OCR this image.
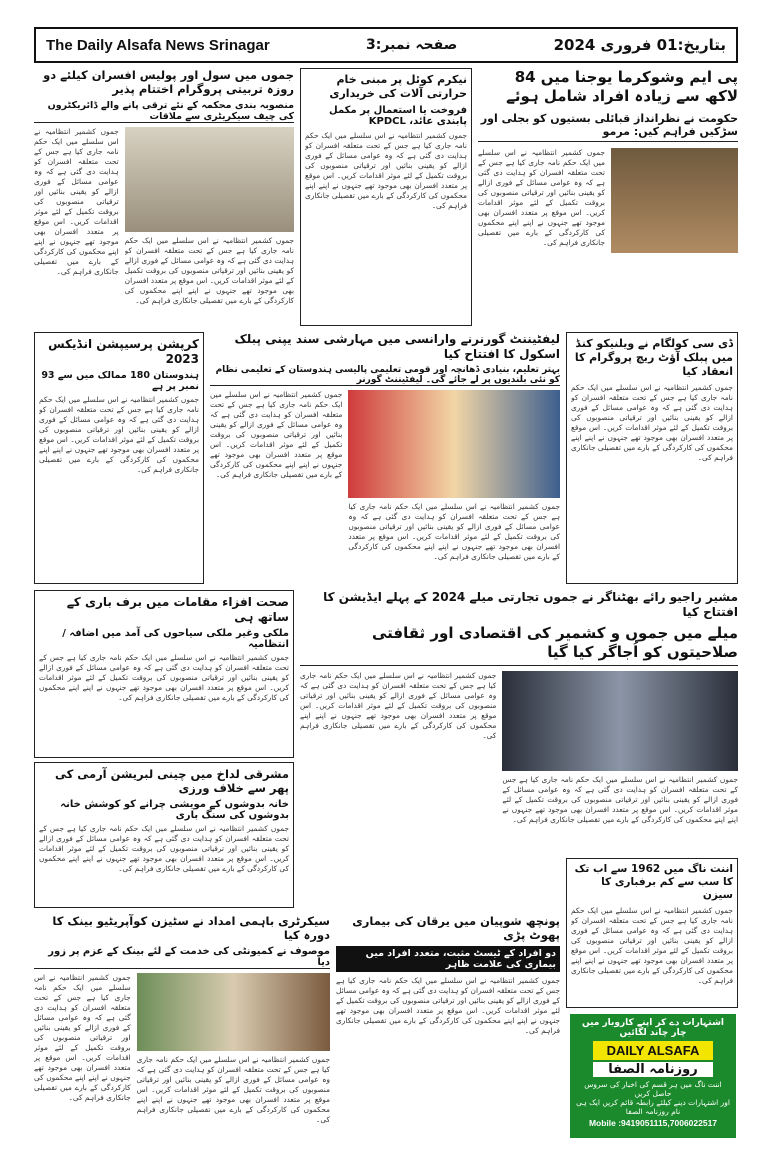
The Daily Alsafa News Srinagar	صفحہ نمبر:3	بتاریخ:01 فروری 2024
پی ایم وشوکرما یوجنا میں 84 لاکھ سے زیادہ افراد شامل ہوئے
حکومت نے نظرانداز قبائلی بستیوں کو بجلی اور سڑکیں فراہم کیں: مرمو
جموں کشمیر انتظامیہ نے اس سلسلے میں ایک حکم نامہ جاری کیا ہے جس کے تحت متعلقہ افسران کو ہدایت دی گئی ہے کہ وہ عوامی مسائل کے فوری ازالے کو یقینی بنائیں اور ترقیاتی منصوبوں کی بروقت تکمیل کے لئے موثر اقدامات کریں۔ اس موقع پر متعدد افسران بھی موجود تھے جنہوں نے اپنے اپنے محکموں کی کارکردگی کے بارے میں تفصیلی جانکاری فراہم کی۔
نیکرم کوئل پر مبنی خام حرارتی آلات کی خریداری
فروخت یا استعمال پر مکمل پابندی عائد، KPDCL
جموں کشمیر انتظامیہ نے اس سلسلے میں ایک حکم نامہ جاری کیا ہے جس کے تحت متعلقہ افسران کو ہدایت دی گئی ہے کہ وہ عوامی مسائل کے فوری ازالے کو یقینی بنائیں اور ترقیاتی منصوبوں کی بروقت تکمیل کے لئے موثر اقدامات کریں۔ اس موقع پر متعدد افسران بھی موجود تھے جنہوں نے اپنے اپنے محکموں کی کارکردگی کے بارے میں تفصیلی جانکاری فراہم کی۔
جموں میں سول اور پولیس افسران کیلئے دو روزہ تربیتی پروگرام اختتام پذیر
منصوبہ بندی محکمہ کے نئے ترقی پانے والے ڈائریکٹروں کی چیف سیکریٹری سے ملاقات
جموں کشمیر انتظامیہ نے اس سلسلے میں ایک حکم نامہ جاری کیا ہے جس کے تحت متعلقہ افسران کو ہدایت دی گئی ہے کہ وہ عوامی مسائل کے فوری ازالے کو یقینی بنائیں اور ترقیاتی منصوبوں کی بروقت تکمیل کے لئے موثر اقدامات کریں۔ اس موقع پر متعدد افسران بھی موجود تھے جنہوں نے اپنے اپنے محکموں کی کارکردگی کے بارے میں تفصیلی جانکاری فراہم کی۔
جموں کشمیر انتظامیہ نے اس سلسلے میں ایک حکم نامہ جاری کیا ہے جس کے تحت متعلقہ افسران کو ہدایت دی گئی ہے کہ وہ عوامی مسائل کے فوری ازالے کو یقینی بنائیں اور ترقیاتی منصوبوں کی بروقت تکمیل کے لئے موثر اقدامات کریں۔ اس موقع پر متعدد افسران بھی موجود تھے جنہوں نے اپنے اپنے محکموں کی کارکردگی کے بارے میں تفصیلی جانکاری فراہم کی۔
ڈی سی کولگام نے ویلنیکو کنڈ میں پبلک آؤٹ ریچ پروگرام کا انعقاد کیا
جموں کشمیر انتظامیہ نے اس سلسلے میں ایک حکم نامہ جاری کیا ہے جس کے تحت متعلقہ افسران کو ہدایت دی گئی ہے کہ وہ عوامی مسائل کے فوری ازالے کو یقینی بنائیں اور ترقیاتی منصوبوں کی بروقت تکمیل کے لئے موثر اقدامات کریں۔ اس موقع پر متعدد افسران بھی موجود تھے جنہوں نے اپنے اپنے محکموں کی کارکردگی کے بارے میں تفصیلی جانکاری فراہم کی۔
لیفٹیننٹ گورنرنے وارانسی میں مہارشی سند یپنی پبلک اسکول کا افتتاح کیا
بہتر تعلیم، بنیادی ڈھانچہ اور قومی تعلیمی پالیسی ہندوستان کے تعلیمی نظام کو نئی بلندیوں پر لے جائے گی۔ لیفٹیننٹ گورنر
جموں کشمیر انتظامیہ نے اس سلسلے میں ایک حکم نامہ جاری کیا ہے جس کے تحت متعلقہ افسران کو ہدایت دی گئی ہے کہ وہ عوامی مسائل کے فوری ازالے کو یقینی بنائیں اور ترقیاتی منصوبوں کی بروقت تکمیل کے لئے موثر اقدامات کریں۔ اس موقع پر متعدد افسران بھی موجود تھے جنہوں نے اپنے اپنے محکموں کی کارکردگی کے بارے میں تفصیلی جانکاری فراہم کی۔
جموں کشمیر انتظامیہ نے اس سلسلے میں ایک حکم نامہ جاری کیا ہے جس کے تحت متعلقہ افسران کو ہدایت دی گئی ہے کہ وہ عوامی مسائل کے فوری ازالے کو یقینی بنائیں اور ترقیاتی منصوبوں کی بروقت تکمیل کے لئے موثر اقدامات کریں۔ اس موقع پر متعدد افسران بھی موجود تھے جنہوں نے اپنے اپنے محکموں کی کارکردگی کے بارے میں تفصیلی جانکاری فراہم کی۔
کرپشن پرسیپشن انڈیکس 2023
ہندوستان 180 ممالک میں سے 93 نمبر پر ہے
جموں کشمیر انتظامیہ نے اس سلسلے میں ایک حکم نامہ جاری کیا ہے جس کے تحت متعلقہ افسران کو ہدایت دی گئی ہے کہ وہ عوامی مسائل کے فوری ازالے کو یقینی بنائیں اور ترقیاتی منصوبوں کی بروقت تکمیل کے لئے موثر اقدامات کریں۔ اس موقع پر متعدد افسران بھی موجود تھے جنہوں نے اپنے اپنے محکموں کی کارکردگی کے بارے میں تفصیلی جانکاری فراہم کی۔
مشیر راجیو رائے بھٹناگر نے جموں تجارتی میلے 2024 کے پہلے ایڈیشن کا افتتاح کیا
میلے میں جموں و کشمیر کی اقتصادی اور ثقافتی صلاحیتوں کو اُجاگر کیا گیا
جموں کشمیر انتظامیہ نے اس سلسلے میں ایک حکم نامہ جاری کیا ہے جس کے تحت متعلقہ افسران کو ہدایت دی گئی ہے کہ وہ عوامی مسائل کے فوری ازالے کو یقینی بنائیں اور ترقیاتی منصوبوں کی بروقت تکمیل کے لئے موثر اقدامات کریں۔ اس موقع پر متعدد افسران بھی موجود تھے جنہوں نے اپنے اپنے محکموں کی کارکردگی کے بارے میں تفصیلی جانکاری فراہم کی۔
جموں کشمیر انتظامیہ نے اس سلسلے میں ایک حکم نامہ جاری کیا ہے جس کے تحت متعلقہ افسران کو ہدایت دی گئی ہے کہ وہ عوامی مسائل کے فوری ازالے کو یقینی بنائیں اور ترقیاتی منصوبوں کی بروقت تکمیل کے لئے موثر اقدامات کریں۔ اس موقع پر متعدد افسران بھی موجود تھے جنہوں نے اپنے اپنے محکموں کی کارکردگی کے بارے میں تفصیلی جانکاری فراہم کی۔
صحت افزاء مقامات میں برف باری کے ساتھ ہی
ملکی وغیر ملکی سیاحوں کی آمد میں اضافہ / انتظامیہ
جموں کشمیر انتظامیہ نے اس سلسلے میں ایک حکم نامہ جاری کیا ہے جس کے تحت متعلقہ افسران کو ہدایت دی گئی ہے کہ وہ عوامی مسائل کے فوری ازالے کو یقینی بنائیں اور ترقیاتی منصوبوں کی بروقت تکمیل کے لئے موثر اقدامات کریں۔ اس موقع پر متعدد افسران بھی موجود تھے جنہوں نے اپنے اپنے محکموں کی کارکردگی کے بارے میں تفصیلی جانکاری فراہم کی۔
مشرقی لداخ میں چینی لبریشن آرمی کی پھر سے خلاف ورزی
خانہ بدوشوں کے مویشی چرانے کو کوشش خانہ بدوشوں کی سنگ باری
جموں کشمیر انتظامیہ نے اس سلسلے میں ایک حکم نامہ جاری کیا ہے جس کے تحت متعلقہ افسران کو ہدایت دی گئی ہے کہ وہ عوامی مسائل کے فوری ازالے کو یقینی بنائیں اور ترقیاتی منصوبوں کی بروقت تکمیل کے لئے موثر اقدامات کریں۔ اس موقع پر متعدد افسران بھی موجود تھے جنہوں نے اپنے اپنے محکموں کی کارکردگی کے بارے میں تفصیلی جانکاری فراہم کی۔	اننت ناگ میں 1962 سے اب تک کا سب سے کم برفباری کا سیزن
جموں کشمیر انتظامیہ نے اس سلسلے میں ایک حکم نامہ جاری کیا ہے جس کے تحت متعلقہ افسران کو ہدایت دی گئی ہے کہ وہ عوامی مسائل کے فوری ازالے کو یقینی بنائیں اور ترقیاتی منصوبوں کی بروقت تکمیل کے لئے موثر اقدامات کریں۔ اس موقع پر متعدد افسران بھی موجود تھے جنہوں نے اپنے اپنے محکموں کی کارکردگی کے بارے میں تفصیلی جانکاری فراہم کی۔
سیکرٹری باہمی امداد نے سٹیزن کوآپریٹیو بینک کا دورہ کیا
موصوف نے کمیونٹی کی خدمت کے لئے بینک کے عزم پر زور دیا
جموں کشمیر انتظامیہ نے اس سلسلے میں ایک حکم نامہ جاری کیا ہے جس کے تحت متعلقہ افسران کو ہدایت دی گئی ہے کہ وہ عوامی مسائل کے فوری ازالے کو یقینی بنائیں اور ترقیاتی منصوبوں کی بروقت تکمیل کے لئے موثر اقدامات کریں۔ اس موقع پر متعدد افسران بھی موجود تھے جنہوں نے اپنے اپنے محکموں کی کارکردگی کے بارے میں تفصیلی جانکاری فراہم کی۔
جموں کشمیر انتظامیہ نے اس سلسلے میں ایک حکم نامہ جاری کیا ہے جس کے تحت متعلقہ افسران کو ہدایت دی گئی ہے کہ وہ عوامی مسائل کے فوری ازالے کو یقینی بنائیں اور ترقیاتی منصوبوں کی بروقت تکمیل کے لئے موثر اقدامات کریں۔ اس موقع پر متعدد افسران بھی موجود تھے جنہوں نے اپنے اپنے محکموں کی کارکردگی کے بارے میں تفصیلی جانکاری فراہم کی۔
پونچھ شوپیان میں یرقان کی بیماری پھوٹ پڑی
دو افراد کے ٹیسٹ مثبت، متعدد افراد میں بیماری کی علامت ظاہر
جموں کشمیر انتظامیہ نے اس سلسلے میں ایک حکم نامہ جاری کیا ہے جس کے تحت متعلقہ افسران کو ہدایت دی گئی ہے کہ وہ عوامی مسائل کے فوری ازالے کو یقینی بنائیں اور ترقیاتی منصوبوں کی بروقت تکمیل کے لئے موثر اقدامات کریں۔ اس موقع پر متعدد افسران بھی موجود تھے جنہوں نے اپنے اپنے محکموں کی کارکردگی کے بارے میں تفصیلی جانکاری فراہم کی۔
اشتہارات دے کر اپنے کاروبار میں چار چاند لگائیں
DAILY ALSAFA
روزنامہ الصفا
اننت ناگ میں ہر قسم کی اخبار کی سروس حاصل کریں
اور اشتہارات دینے کیلئے رابطہ قائم کریں ایک ہی نام روزنامہ الصفا
Mobile :9419051115,7006022517
